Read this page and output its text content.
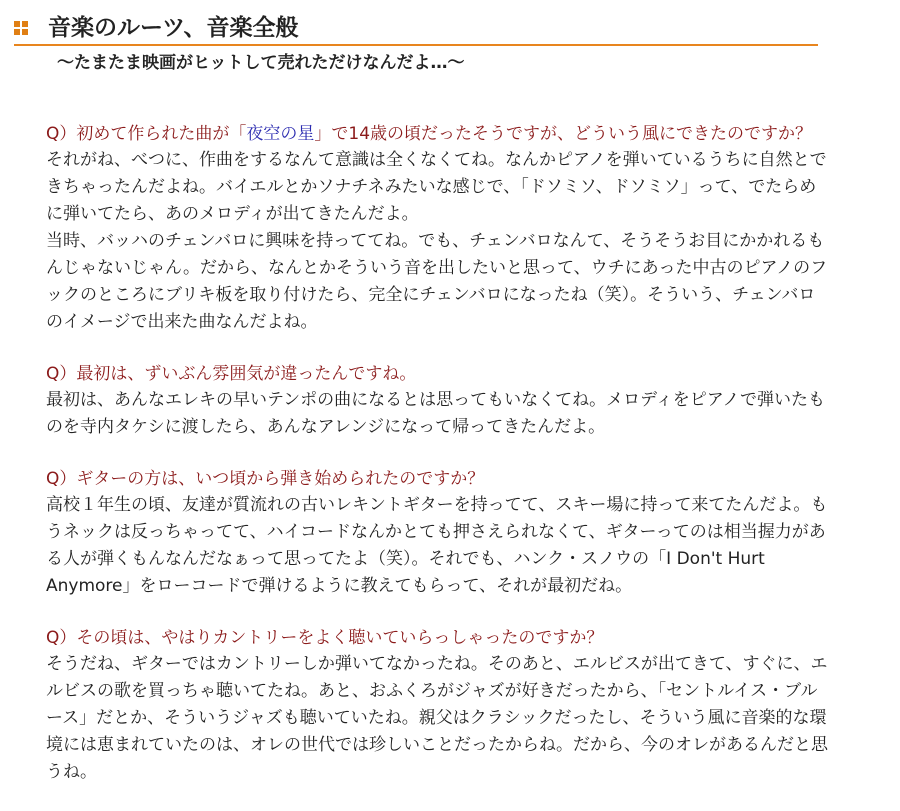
音楽のルーツ、音楽全般
〜たまたま映画がヒットして売れただけなんだよ…〜
Q）初めて作られた曲が「夜空の星」で14歳の頃だったそうですが、どういう風にできたのですか？
それがね、べつに、作曲をするなんて意識は全くなくてね。なんかピアノを弾いているうちに自然とで
きちゃったんだよね。バイエルとかソナチネみたいな感じで、「ドソミソ、ドソミソ」って、でたらめ
に弾いてたら、あのメロディが出てきたんだよ。
当時、バッハのチェンバロに興味を持っててね。でも、チェンバロなんて、そうそうお目にかかれるも
んじゃないじゃん。だから、なんとかそういう音を出したいと思って、ウチにあった中古のピアノのフ
ックのところにブリキ板を取り付けたら、完全にチェンバロになったね（笑）。そういう、チェンバロ
のイメージで出来た曲なんだよね。
Q）最初は、ずいぶん雰囲気が違ったんですね。
最初は、あんなエレキの早いテンポの曲になるとは思ってもいなくてね。メロディをピアノで弾いたも
のを寺内タケシに渡したら、あんなアレンジになって帰ってきたんだよ。
Q）ギターの方は、いつ頃から弾き始められたのですか？
高校１年生の頃、友達が質流れの古いレキントギターを持ってて、スキー場に持って来てたんだよ。も
うネックは反っちゃってて、ハイコードなんかとても押さえられなくて、ギターってのは相当握力があ
る人が弾くもんなんだなぁって思ってたよ（笑）。それでも、ハンク・スノウの「I Don't Hurt
Anymore」をローコードで弾けるように教えてもらって、それが最初だね。
Q）その頃は、やはりカントリーをよく聴いていらっしゃったのですか？
そうだね、ギターではカントリーしか弾いてなかったね。そのあと、エルビスが出てきて、すぐに、エ
ルビスの歌を買っちゃ聴いてたね。あと、おふくろがジャズが好きだったから、「セントルイス・ブル
ース」だとか、そういうジャズも聴いていたね。親父はクラシックだったし、そういう風に音楽的な環
境には恵まれていたのは、オレの世代では珍しいことだったからね。だから、今のオレがあるんだと思
うね。
